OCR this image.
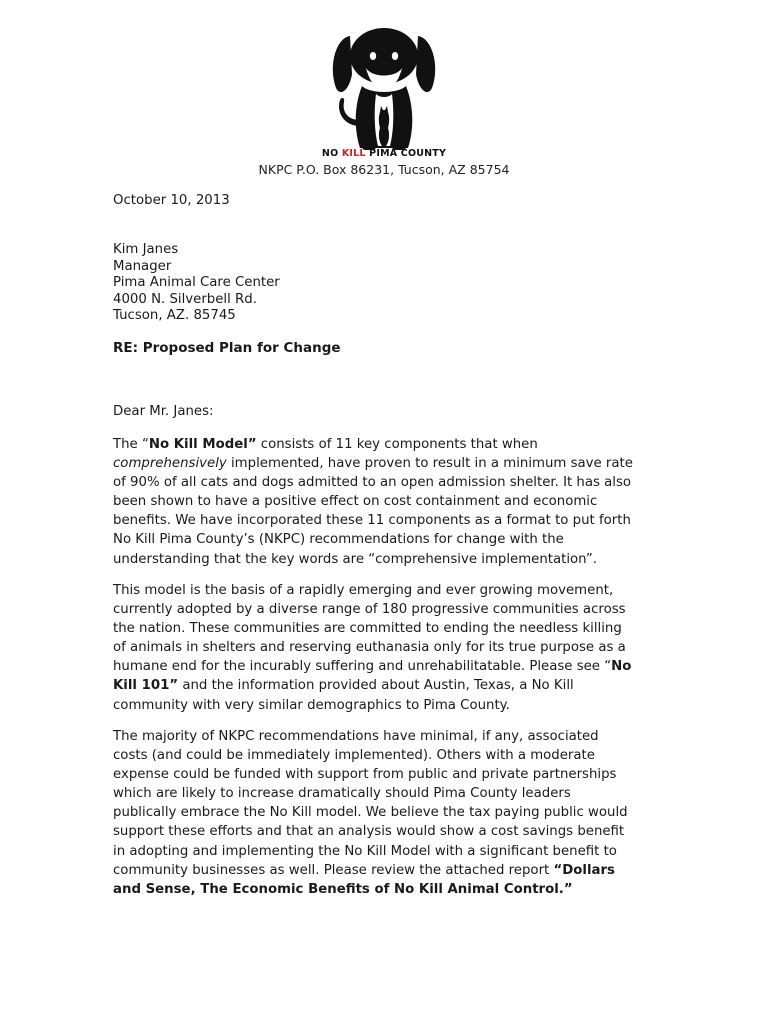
NO KILL PIMA COUNTY
NKPC P.O. Box 86231, Tucson, AZ 85754
October 10, 2013
Kim Janes
Manager
Pima Animal Care Center
4000 N. Silverbell Rd.
Tucson, AZ. 85745
RE: Proposed Plan for Change
Dear Mr. Janes:
The “No Kill Model” consists of 11 key components that when
comprehensively implemented, have proven to result in a minimum save rate
of 90% of all cats and dogs admitted to an open admission shelter. It has also
been shown to have a positive effect on cost containment and economic
benefits. We have incorporated these 11 components as a format to put forth
No Kill Pima County’s (NKPC) recommendations for change with the
understanding that the key words are “comprehensive implementation”.
This model is the basis of a rapidly emerging and ever growing movement,
currently adopted by a diverse range of 180 progressive communities across
the nation. These communities are committed to ending the needless killing
of animals in shelters and reserving euthanasia only for its true purpose as a
humane end for the incurably suffering and unrehabilitatable. Please see “No
Kill 101” and the information provided about Austin, Texas, a No Kill
community with very similar demographics to Pima County.
The majority of NKPC recommendations have minimal, if any, associated
costs (and could be immediately implemented). Others with a moderate
expense could be funded with support from public and private partnerships
which are likely to increase dramatically should Pima County leaders
publically embrace the No Kill model. We believe the tax paying public would
support these efforts and that an analysis would show a cost savings benefit
in adopting and implementing the No Kill Model with a significant benefit to
community businesses as well. Please review the attached report “Dollars
and Sense, The Economic Benefits of No Kill Animal Control.”
